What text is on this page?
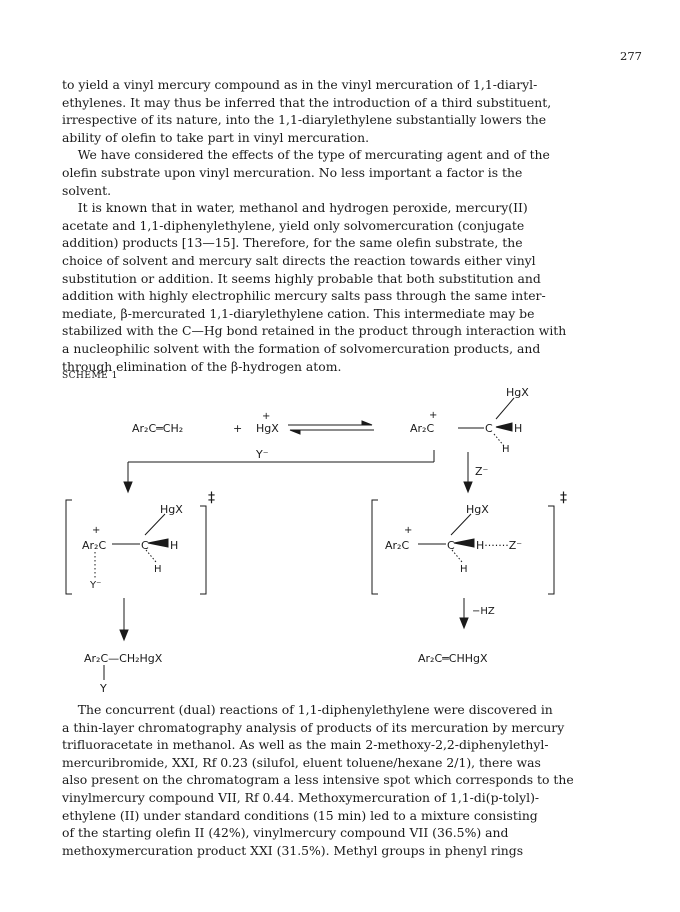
277
to yield a vinyl mercury compound as in the vinyl mercuration of 1,1-diaryl-
ethylenes. It may thus be inferred that the introduction of a third substituent,
irrespective of its nature, into the 1,1-diarylethylene substantially lowers the
ability of olefin to take part in vinyl mercuration.
We have considered the effects of the type of mercurating agent and of the
olefin substrate upon vinyl mercuration. No less important a factor is the
solvent.
It is known that in water, methanol and hydrogen peroxide, mercury(II)
acetate and 1,1-diphenylethylene, yield only solvomercuration (conjugate
addition) products [13—15]. Therefore, for the same olefin substrate, the
choice of solvent and mercury salt directs the reaction towards either vinyl
substitution or addition. It seems highly probable that both substitution and
addition with highly electrophilic mercury salts pass through the same inter-
mediate, β-mercurated 1,1-diarylethylene cation. This intermediate may be
stabilized with the C—Hg bond retained in the product through interaction with
a nucleophilic solvent with the formation of solvomercuration products, and
through elimination of the β-hydrogen atom.
SCHEME 1
Ar₂C═CH₂	+ HgX
+
Ar₂C
+
C
HgX
H
H
Y⁻
Z⁻
‡
Ar₂C
+
C
HgX
H
H
Y⁻
‡
Ar₂C
+
C
HgX
H·······Z⁻
H
−HZ
Ar₂C—CH₂HgX
Y
Ar₂C═CHHgX
The concurrent (dual) reactions of 1,1-diphenylethylene were discovered in
a thin-layer chromatography analysis of products of its mercuration by mercury
trifluoracetate in methanol. As well as the main 2-methoxy-2,2-diphenylethyl-
mercuribromide, XXI, Rf 0.23 (silufol, eluent toluene/hexane 2/1), there was
also present on the chromatogram a less intensive spot which corresponds to the
vinylmercury compound VII, Rf 0.44. Methoxymercuration of 1,1-di(p-tolyl)-
ethylene (II) under standard conditions (15 min) led to a mixture consisting
of the starting olefin II (42%), vinylmercury compound VII (36.5%) and
methoxymercuration product XXI (31.5%). Methyl groups in phenyl rings
